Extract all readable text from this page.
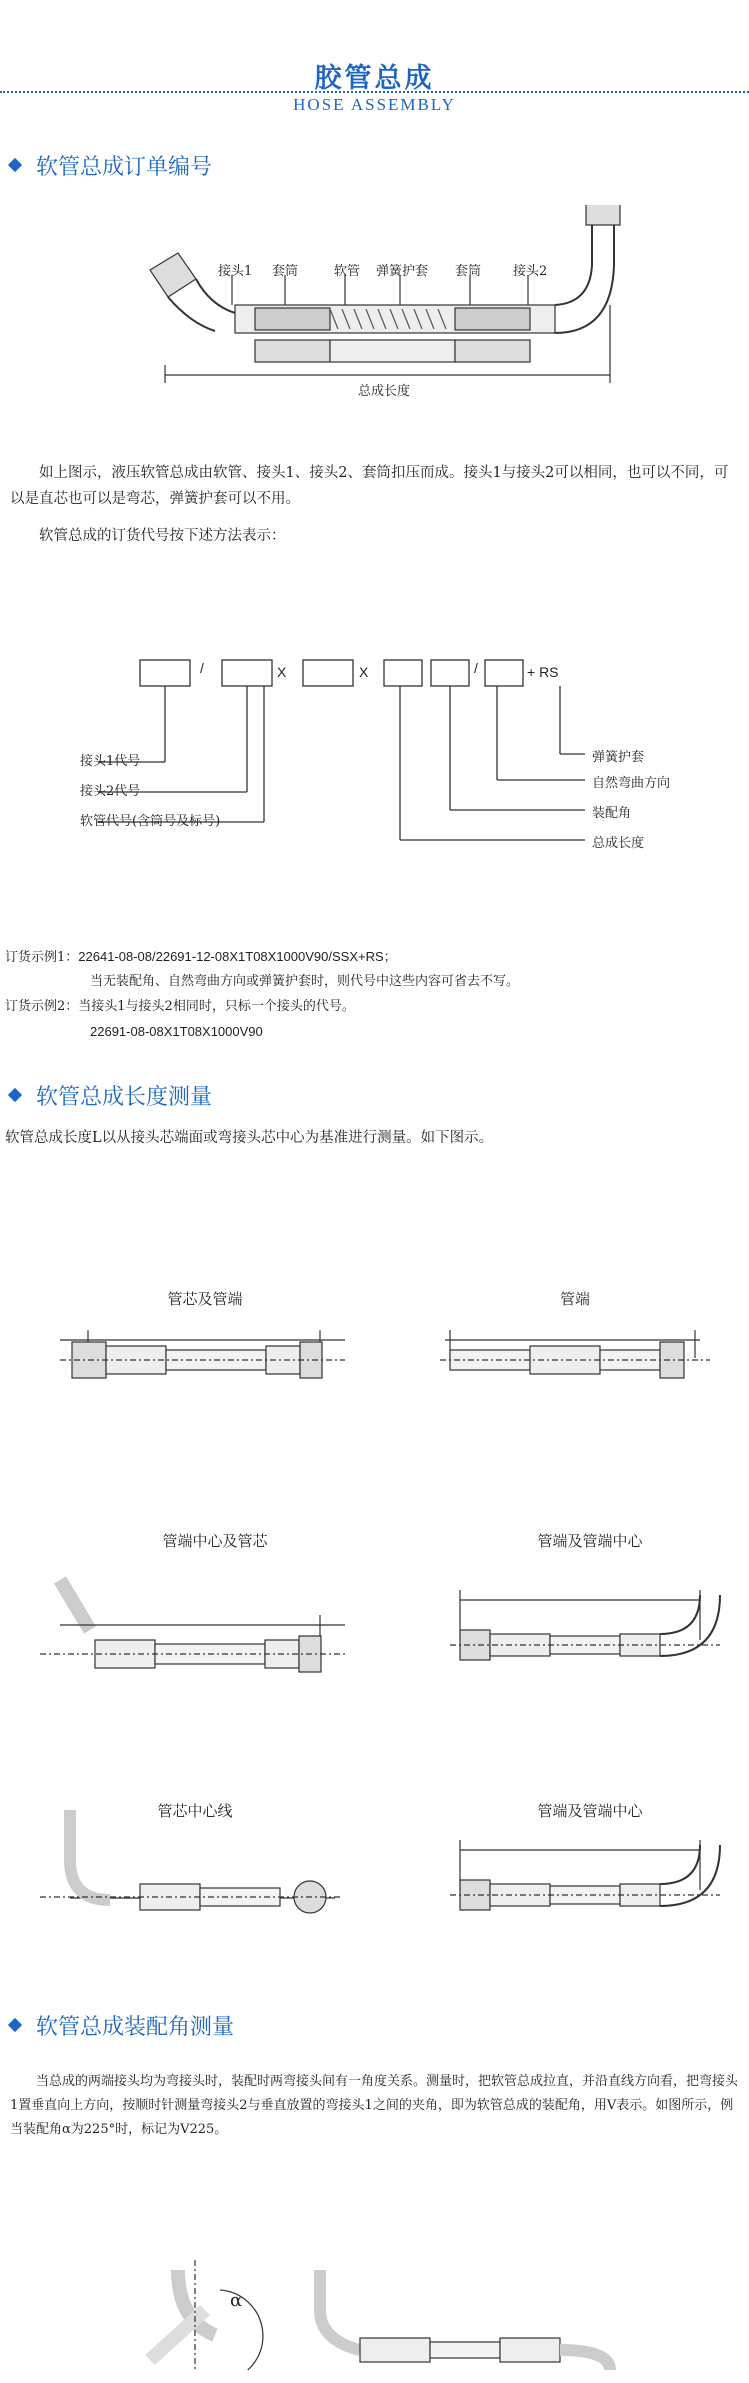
胶管总成
HOSE ASSEMBLY
软管总成订单编号
接头1 套筒	软管 弹簧护套 套筒 接头2
总成长度
如上图示，液压软管总成由软管、接头1、接头2、套筒扣压而成。接头1与接头2可以相同，也可以不同，可以是直芯也可以是弯芯，弹簧护套可以不用。
软管总成的订货代号按下述方法表示：
/	X	X	/	+ RS
接头1代号
接头2代号
软管代号(含筒号及标号)
弹簧护套
自然弯曲方向
装配角
总成长度
订货示例1：22641-08-08/22691-12-08X1T08X1000V90/SSX+RS；
当无装配角、自然弯曲方向或弹簧护套时，则代号中这些内容可省去不写。
订货示例2：当接头1与接头2相同时，只标一个接头的代号。
22691-08-08X1T08X1000V90
软管总成长度测量
软管总成长度L以从接头芯端面或弯接头芯中心为基准进行测量。如下图示。
管芯及管端	管端
管端中心及管芯	管端及管端中心
管芯中心线	管端及管端中心
软管总成装配角测量
当总成的两端接头均为弯接头时，装配时两弯接头间有一角度关系。测量时，把软管总成拉直，并沿直线方向看，把弯接头1置垂直向上方向，按顺时针测量弯接头2与垂直放置的弯接头1之间的夹角，即为软管总成的装配角，用V表示。如图所示，例当装配角α为225°时，标记为V225。
α
